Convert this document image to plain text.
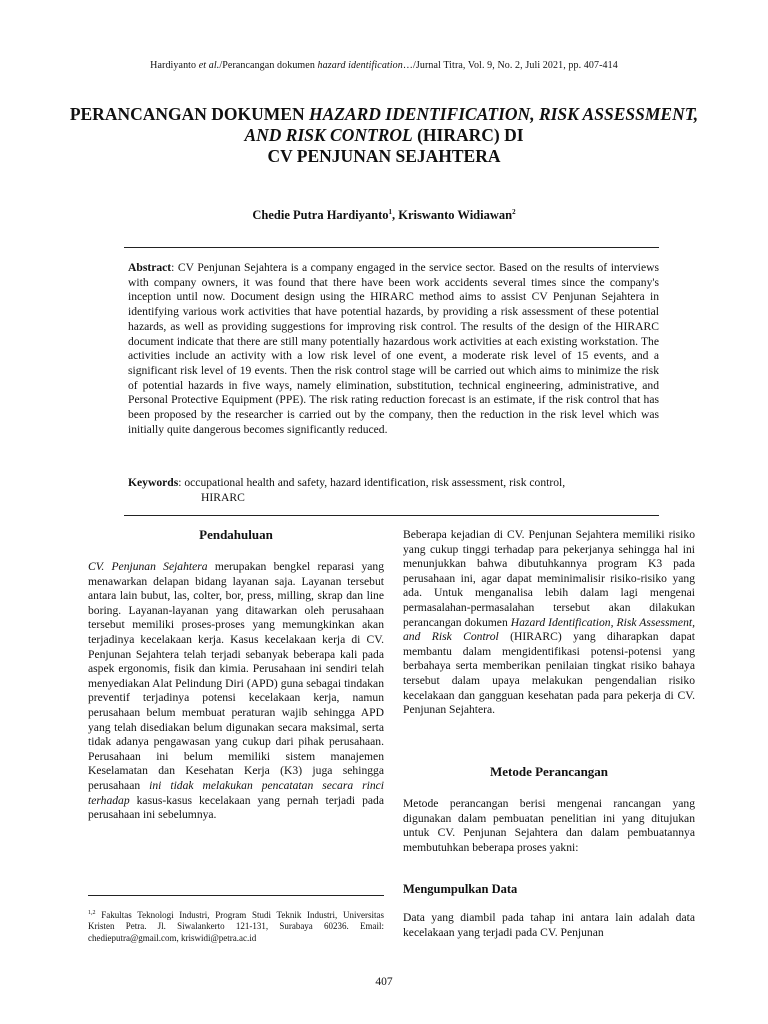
Hardiyanto et al./Perancangan dokumen hazard identification…/Jurnal Titra, Vol. 9, No. 2, Juli 2021, pp. 407-414
PERANCANGAN DOKUMEN HAZARD IDENTIFICATION, RISK ASSESSMENT, AND RISK CONTROL (HIRARC) DI
CV PENJUNAN SEJAHTERA
Chedie Putra Hardiyanto$^1$, Kriswanto Widiawan$^2$
Abstract: CV Penjunan Sejahtera is a company engaged in the service sector. Based on the results of interviews with company owners, it was found that there have been work accidents several times since the company's inception until now. Document design using the HIRARC method aims to assist CV Penjunan Sejahtera in identifying various work activities that have potential hazards, by providing a risk assessment of these potential hazards, as well as providing suggestions for improving risk control. The results of the design of the HIRARC document indicate that there are still many potentially hazardous work activities at each existing workstation. The activities include an activity with a low risk level of one event, a moderate risk level of 15 events, and a significant risk level of 19 events. Then the risk control stage will be carried out which aims to minimize the risk of potential hazards in five ways, namely elimination, substitution, technical engineering, administrative, and Personal Protective Equipment (PPE). The risk rating reduction forecast is an estimate, if the risk control that has been proposed by the researcher is carried out by the company, then the reduction in the risk level which was initially quite dangerous becomes significantly reduced.
Keywords: occupational health and safety, hazard identification, risk assessment, risk control,
HIRARC
Pendahuluan

CV. Penjunan Sejahtera merupakan bengkel reparasi yang menawarkan delapan bidang layanan saja. Layanan tersebut antara lain bubut, las, colter, bor, press, milling, skrap dan line boring. Layanan-layanan yang ditawarkan oleh perusahaan tersebut memiliki proses-proses yang memungkinkan akan terjadinya kecelakaan kerja. Kasus kecelakaan kerja di CV. Penjunan Sejahtera telah terjadi sebanyak beberapa kali pada aspek ergonomis, fisik dan kimia. Perusahaan ini sendiri telah menyediakan Alat Pelindung Diri (APD) guna sebagai tindakan preventif terjadinya potensi kecelakaan kerja, namun perusahaan belum membuat peraturan wajib sehingga APD yang telah disediakan belum digunakan secara maksimal, serta tidak adanya pengawasan yang cukup dari pihak perusahaan. Perusahaan ini belum memiliki sistem manajemen Keselamatan dan Kesehatan Kerja (K3) juga sehingga perusahaan ini tidak melakukan pencatatan secara rinci terhadap kasus-kasus kecelakaan yang pernah terjadi pada perusahaan ini sebelumnya.

Beberapa kejadian di CV. Penjunan Sejahtera memiliki risiko yang cukup tinggi terhadap para pekerjanya sehingga hal ini menunjukkan bahwa dibutuhkannya program K3 pada perusahaan ini, agar dapat meminimalisir risiko-risiko yang ada. Untuk menganalisa lebih dalam lagi mengenai permasalahan-permasalahan tersebut akan dilakukan perancangan dokumen Hazard Identification, Risk Assessment, and Risk Control (HIRARC) yang diharapkan dapat membantu dalam mengidentifikasi potensi-potensi yang berbahaya serta memberikan penilaian tingkat risiko bahaya tersebut dalam upaya melakukan pengendalian risiko kecelakaan dan gangguan kesehatan pada para pekerja di CV. Penjunan Sejahtera.

Metode Perancangan

Metode perancangan berisi mengenai rancangan yang digunakan dalam pembuatan penelitian ini yang ditujukan untuk CV. Penjunan Sejahtera dan dalam pembuatannya membutuhkan beberapa proses yakni:

Mengumpulkan Data

Data yang diambil pada tahap ini antara lain adalah data kecelakaan yang terjadi pada CV. Penjunan

$^{1,2}$ Fakultas Teknologi Industri, Program Studi Teknik Industri, Universitas Kristen Petra. Jl. Siwalankerto 121-131, Surabaya 60236. Email: chedieputra@gmail.com, kriswidi@petra.ac.id
407
